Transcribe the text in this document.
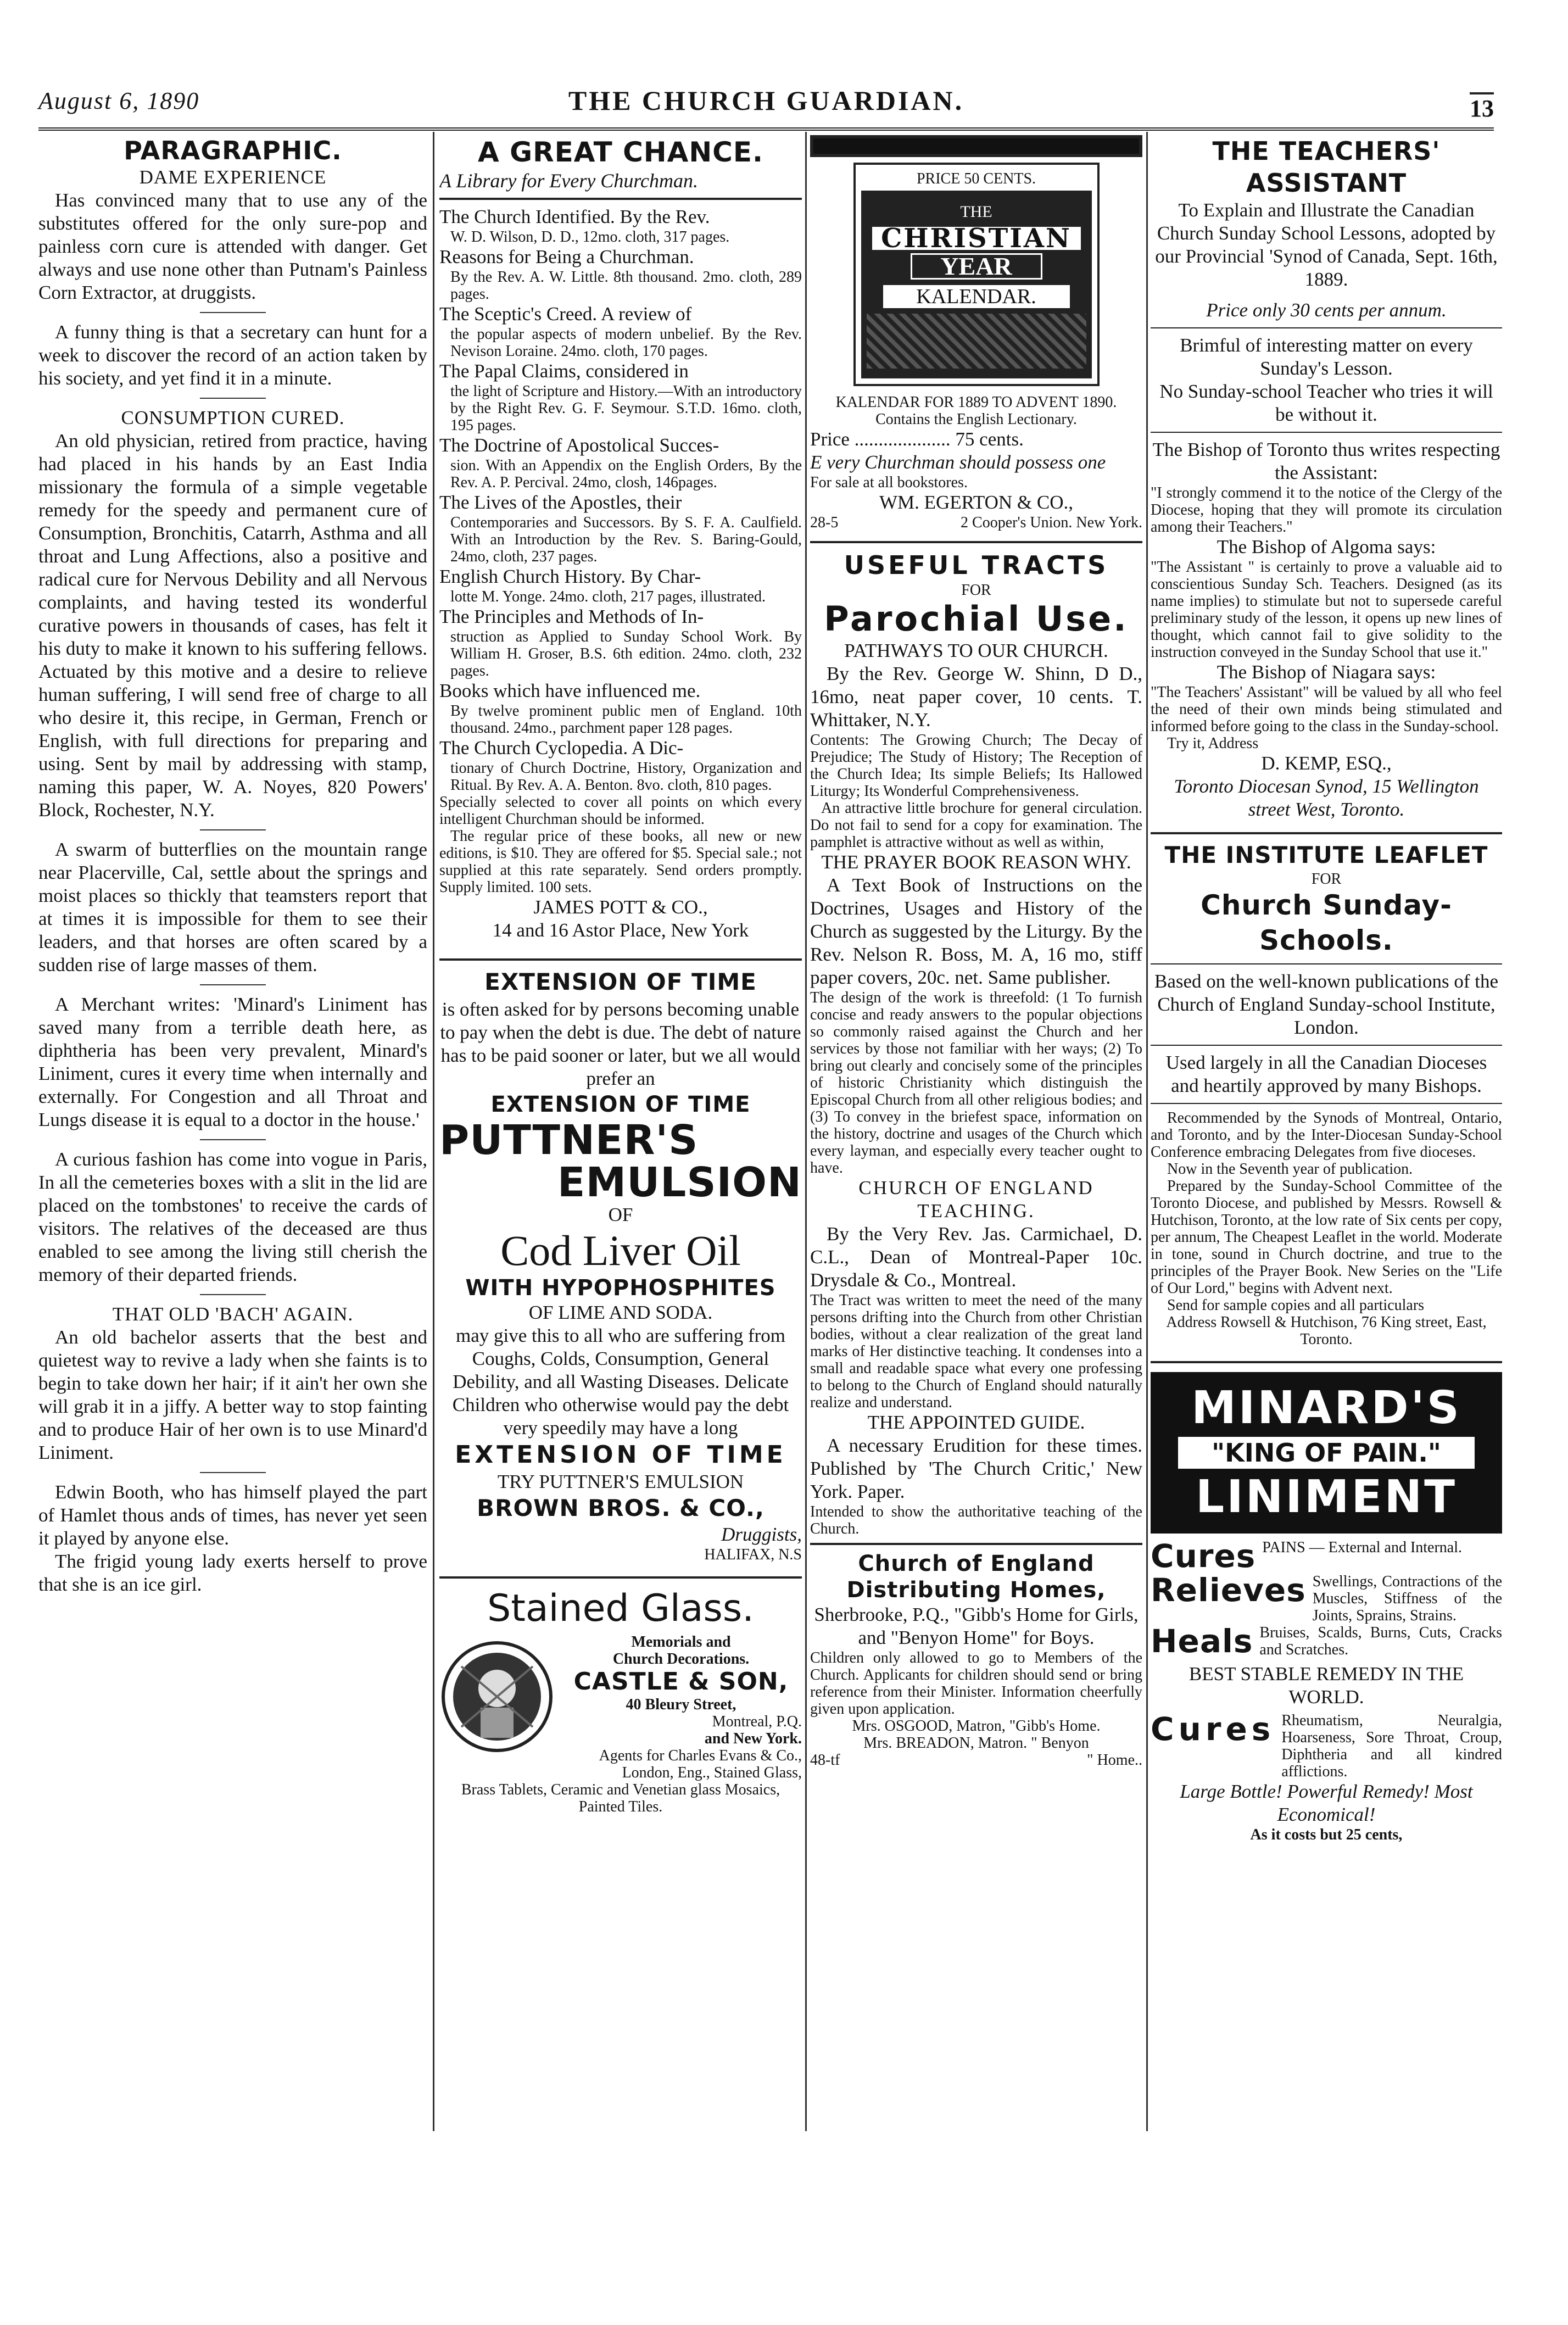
August 6, 1890	THE CHURCH GUARDIAN.	13
PARAGRAPHIC.
DAME EXPERIENCE

Has convinced many that to use any of the substitutes offered for the only sure-pop and painless corn cure is attended with danger. Get always and use none other than Putnam's Painless Corn Extractor, at druggists.

A funny thing is that a secretary can hunt for a week to discover the record of an action taken by his society, and yet find it in a minute.

CONSUMPTION CURED.

An old physician, retired from practice, having had placed in his hands by an East India missionary the formula of a simple vegetable remedy for the speedy and permanent cure of Consumption, Bronchitis, Catarrh, Asthma and all throat and Lung Affections, also a positive and radical cure for Nervous Debility and all Nervous complaints, and having tested its wonderful curative powers in thousands of cases, has felt it his duty to make it known to his suffering fellows. Actuated by this motive and a desire to relieve human suffering, I will send free of charge to all who desire it, this recipe, in German, French or English, with full directions for preparing and using. Sent by mail by addressing with stamp, naming this paper, W. A. Noyes, 820 Powers' Block, Rochester, N.Y.

A swarm of butterflies on the mountain range near Placerville, Cal, settle about the springs and moist places so thickly that teamsters report that at times it is impossible for them to see their leaders, and that horses are often scared by a sudden rise of large masses of them.

A Merchant writes: 'Minard's Liniment has saved many from a terrible death here, as diphtheria has been very prevalent, Minard's Liniment, cures it every time when internally and externally. For Congestion and all Throat and Lungs disease it is equal to a doctor in the house.'

A curious fashion has come into vogue in Paris, In all the cemeteries boxes with a slit in the lid are placed on the tombstones' to receive the cards of visitors. The relatives of the deceased are thus enabled to see among the living still cherish the memory of their departed friends.

THAT OLD 'BACH' AGAIN.

An old bachelor asserts that the best and quietest way to revive a lady when she faints is to begin to take down her hair; if it ain't her own she will grab it in a jiffy. A better way to stop fainting and to produce Hair of her own is to use Minard'd Liniment.

Edwin Booth, who has himself played the part of Hamlet thous ands of times, has never yet seen it played by anyone else.

The frigid young lady exerts herself to prove that she is an ice girl.

A GREAT CHANCE.
A Library for Every Churchman.
The Church Identified. By the Rev.
W. D. Wilson, D. D., 12mo. cloth, 317 pages.
Reasons for Being a Churchman.
By the Rev. A. W. Little. 8th thousand. 2mo. cloth, 289 pages.
The Sceptic's Creed. A review of
the popular aspects of modern unbelief. By the Rev. Nevison Loraine. 24mo. cloth, 170 pages.
The Papal Claims, considered in
the light of Scripture and History.—With an introductory by the Right Rev. G. F. Seymour. S.T.D. 16mo. cloth, 195 pages.
The Doctrine of Apostolical Succes-
sion. With an Appendix on the English Orders, By the Rev. A. P. Percival. 24mo, closh, 146pages.
The Lives of the Apostles, their
Contemporaries and Successors. By S. F. A. Caulfield. With an Introduction by the Rev. S. Baring-Gould, 24mo, cloth, 237 pages.
English Church History. By Char-
lotte M. Yonge. 24mo. cloth, 217 pages, illustrated.
The Principles and Methods of In-
struction as Applied to Sunday School Work. By William H. Groser, B.S. 6th edition. 24mo. cloth, 232 pages.
Books which have influenced me.
By twelve prominent public men of England. 10th thousand. 24mo., parchment paper 128 pages.
The Church Cyclopedia. A Dic-
tionary of Church Doctrine, History, Organization and Ritual. By Rev. A. A. Benton. 8vo. cloth, 810 pages.

Specially selected to cover all points on which every intelligent Churchman should be informed.

The regular price of these books, all new or new editions, is $10. They are offered for $5. Special sale.; not supplied at this rate separately. Send orders promptly. Supply limited. 100 sets.

JAMES POTT & CO.,
14 and 16 Astor Place, New York
EXTENSION OF TIME

is often asked for by persons becoming unable to pay when the debt is due. The debt of nature has to be paid sooner or later, but we all would prefer an

EXTENSION OF TIME
PUTTNER'S
EMULSION
OF
Cod Liver Oil
WITH HYPOPHOSPHITES
OF LIME AND SODA.

may give this to all who are suffering from Coughs, Colds, Consumption, General Debility, and all Wasting Diseases. Delicate Children who otherwise would pay the debt very speedily may have a long

EXTENSION OF TIME
TRY PUTTNER'S EMULSION
BROWN BROS. & CO.,
Druggists,
HALIFAX, N.S
Stained Glass.
Memorials and
Church Decorations.
CASTLE & SON,
40 Bleury Street,
Montreal, P.Q.
and New York.
Agents for Charles Evans & Co., London, Eng., Stained Glass,
Brass Tablets, Ceramic and Venetian glass Mosaics, Painted Tiles.
PRICE 50 CENTS.
THE
CHRISTIAN
YEAR
KALENDAR.
KALENDAR FOR 1889 TO ADVENT 1890.
Contains the English Lectionary.
Price .................... 75 cents.
E very Churchman should possess one
For sale at all bookstores.
WM. EGERTON & CO.,
28-5	2 Cooper's Union. New York.
USEFUL TRACTS
FOR
Parochial Use.
PATHWAYS TO OUR CHURCH.

By the Rev. George W. Shinn, D D., 16mo, neat paper cover, 10 cents. T. Whittaker, N.Y.

Contents: The Growing Church; The Decay of Prejudice; The Study of History; The Reception of the Church Idea; Its simple Beliefs; Its Hallowed Liturgy; Its Wonderful Comprehensiveness.

An attractive little brochure for general circulation. Do not fail to send for a copy for examination. The pamphlet is attractive without as well as within,

THE PRAYER BOOK REASON WHY.

A Text Book of Instructions on the Doctrines, Usages and History of the Church as suggested by the Liturgy. By the Rev. Nelson R. Boss, M. A, 16 mo, stiff paper covers, 20c. net. Same publisher.

The design of the work is threefold: (1 To furnish concise and ready answers to the popular objections so commonly raised against the Church and her services by those not familiar with her ways; (2) To bring out clearly and concisely some of the principles of historic Christianity which distinguish the Episcopal Church from all other religious bodies; and (3) To convey in the briefest space, information on the history, doctrine and usages of the Church which every layman, and especially every teacher ought to have.

CHURCH OF ENGLAND TEACHING.

By the Very Rev. Jas. Carmichael, D. C.L., Dean of Montreal-Paper 10c. Drysdale & Co., Montreal.

The Tract was written to meet the need of the many persons drifting into the Church from other Christian bodies, without a clear realization of the great land marks of Her distinctive teaching. It condenses into a small and readable space what every one professing to belong to the Church of England should naturally realize and understand.

THE APPOINTED GUIDE.

A necessary Erudition for these times. Published by 'The Church Critic,' New York. Paper.

Intended to show the authoritative teaching of the Church.

Church of England Distributing Homes,

Sherbrooke, P.Q., "Gibb's Home for Girls, and "Benyon Home" for Boys.

Children only allowed to go to Members of the Church. Applicants for children should send or bring reference from their Minister. Information cheerfully given upon application.

Mrs. OSGOOD, Matron, "Gibb's Home.
Mrs. BREADON, Matron. " Benyon
48-tf	" Home..
THE TEACHERS' ASSISTANT

To Explain and Illustrate the Canadian Church Sunday School Lessons, adopted by our Provincial 'Synod of Canada, Sept. 16th, 1889.

Price only 30 cents per annum.

Brimful of interesting matter on every Sunday's Lesson.

No Sunday-school Teacher who tries it will be without it.

The Bishop of Toronto thus writes respecting the Assistant:

"I strongly commend it to the notice of the Clergy of the Diocese, hoping that they will promote its circulation among their Teachers."

The Bishop of Algoma says:

"The Assistant " is certainly to prove a valuable aid to conscientious Sunday Sch. Teachers. Designed (as its name implies) to stimulate but not to supersede careful preliminary study of the lesson, it opens up new lines of thought, which cannot fail to give solidity to the instruction conveyed in the Sunday School that use it."

The Bishop of Niagara says:

"The Teachers' Assistant" will be valued by all who feel the need of their own minds being stimulated and informed before going to the class in the Sunday-school.

Try it, Address
D. KEMP, ESQ.,
Toronto Diocesan Synod, 15 Wellington street West, Toronto.
THE INSTITUTE LEAFLET
FOR
Church Sunday-Schools.

Based on the well-known publications of the Church of England Sunday-school Institute, London.

Used largely in all the Canadian Dioceses and heartily approved by many Bishops.

Recommended by the Synods of Montreal, Ontario, and Toronto, and by the Inter-Diocesan Sunday-School Conference embracing Delegates from five dioceses.

Now in the Seventh year of publication.

Prepared by the Sunday-School Committee of the Toronto Diocese, and published by Messrs. Rowsell & Hutchison, Toronto, at the low rate of Six cents per copy, per annum, The Cheapest Leaflet in the world. Moderate in tone, sound in Church doctrine, and true to the principles of the Prayer Book. New Series on the "Life of Our Lord," begins with Advent next.

Send for sample copies and all particulars

Address Rowsell & Hutchison, 76 King street, East, Toronto.

MINARD'S
"KING OF PAIN."
LINIMENT
Cures PAINS — External and Internal.
Relieves Swellings, Contractions of the Muscles, Stiffness of the Joints, Sprains, Strains.
Heals Bruises, Scalds, Burns, Cuts, Cracks and Scratches.
BEST STABLE REMEDY IN THE WORLD.
Cures Rheumatism, Neuralgia, Hoarseness, Sore Throat, Croup, Diphtheria and all kindred afflictions.
Large Bottle! Powerful Remedy! Most Economical!
As it costs but 25 cents,
